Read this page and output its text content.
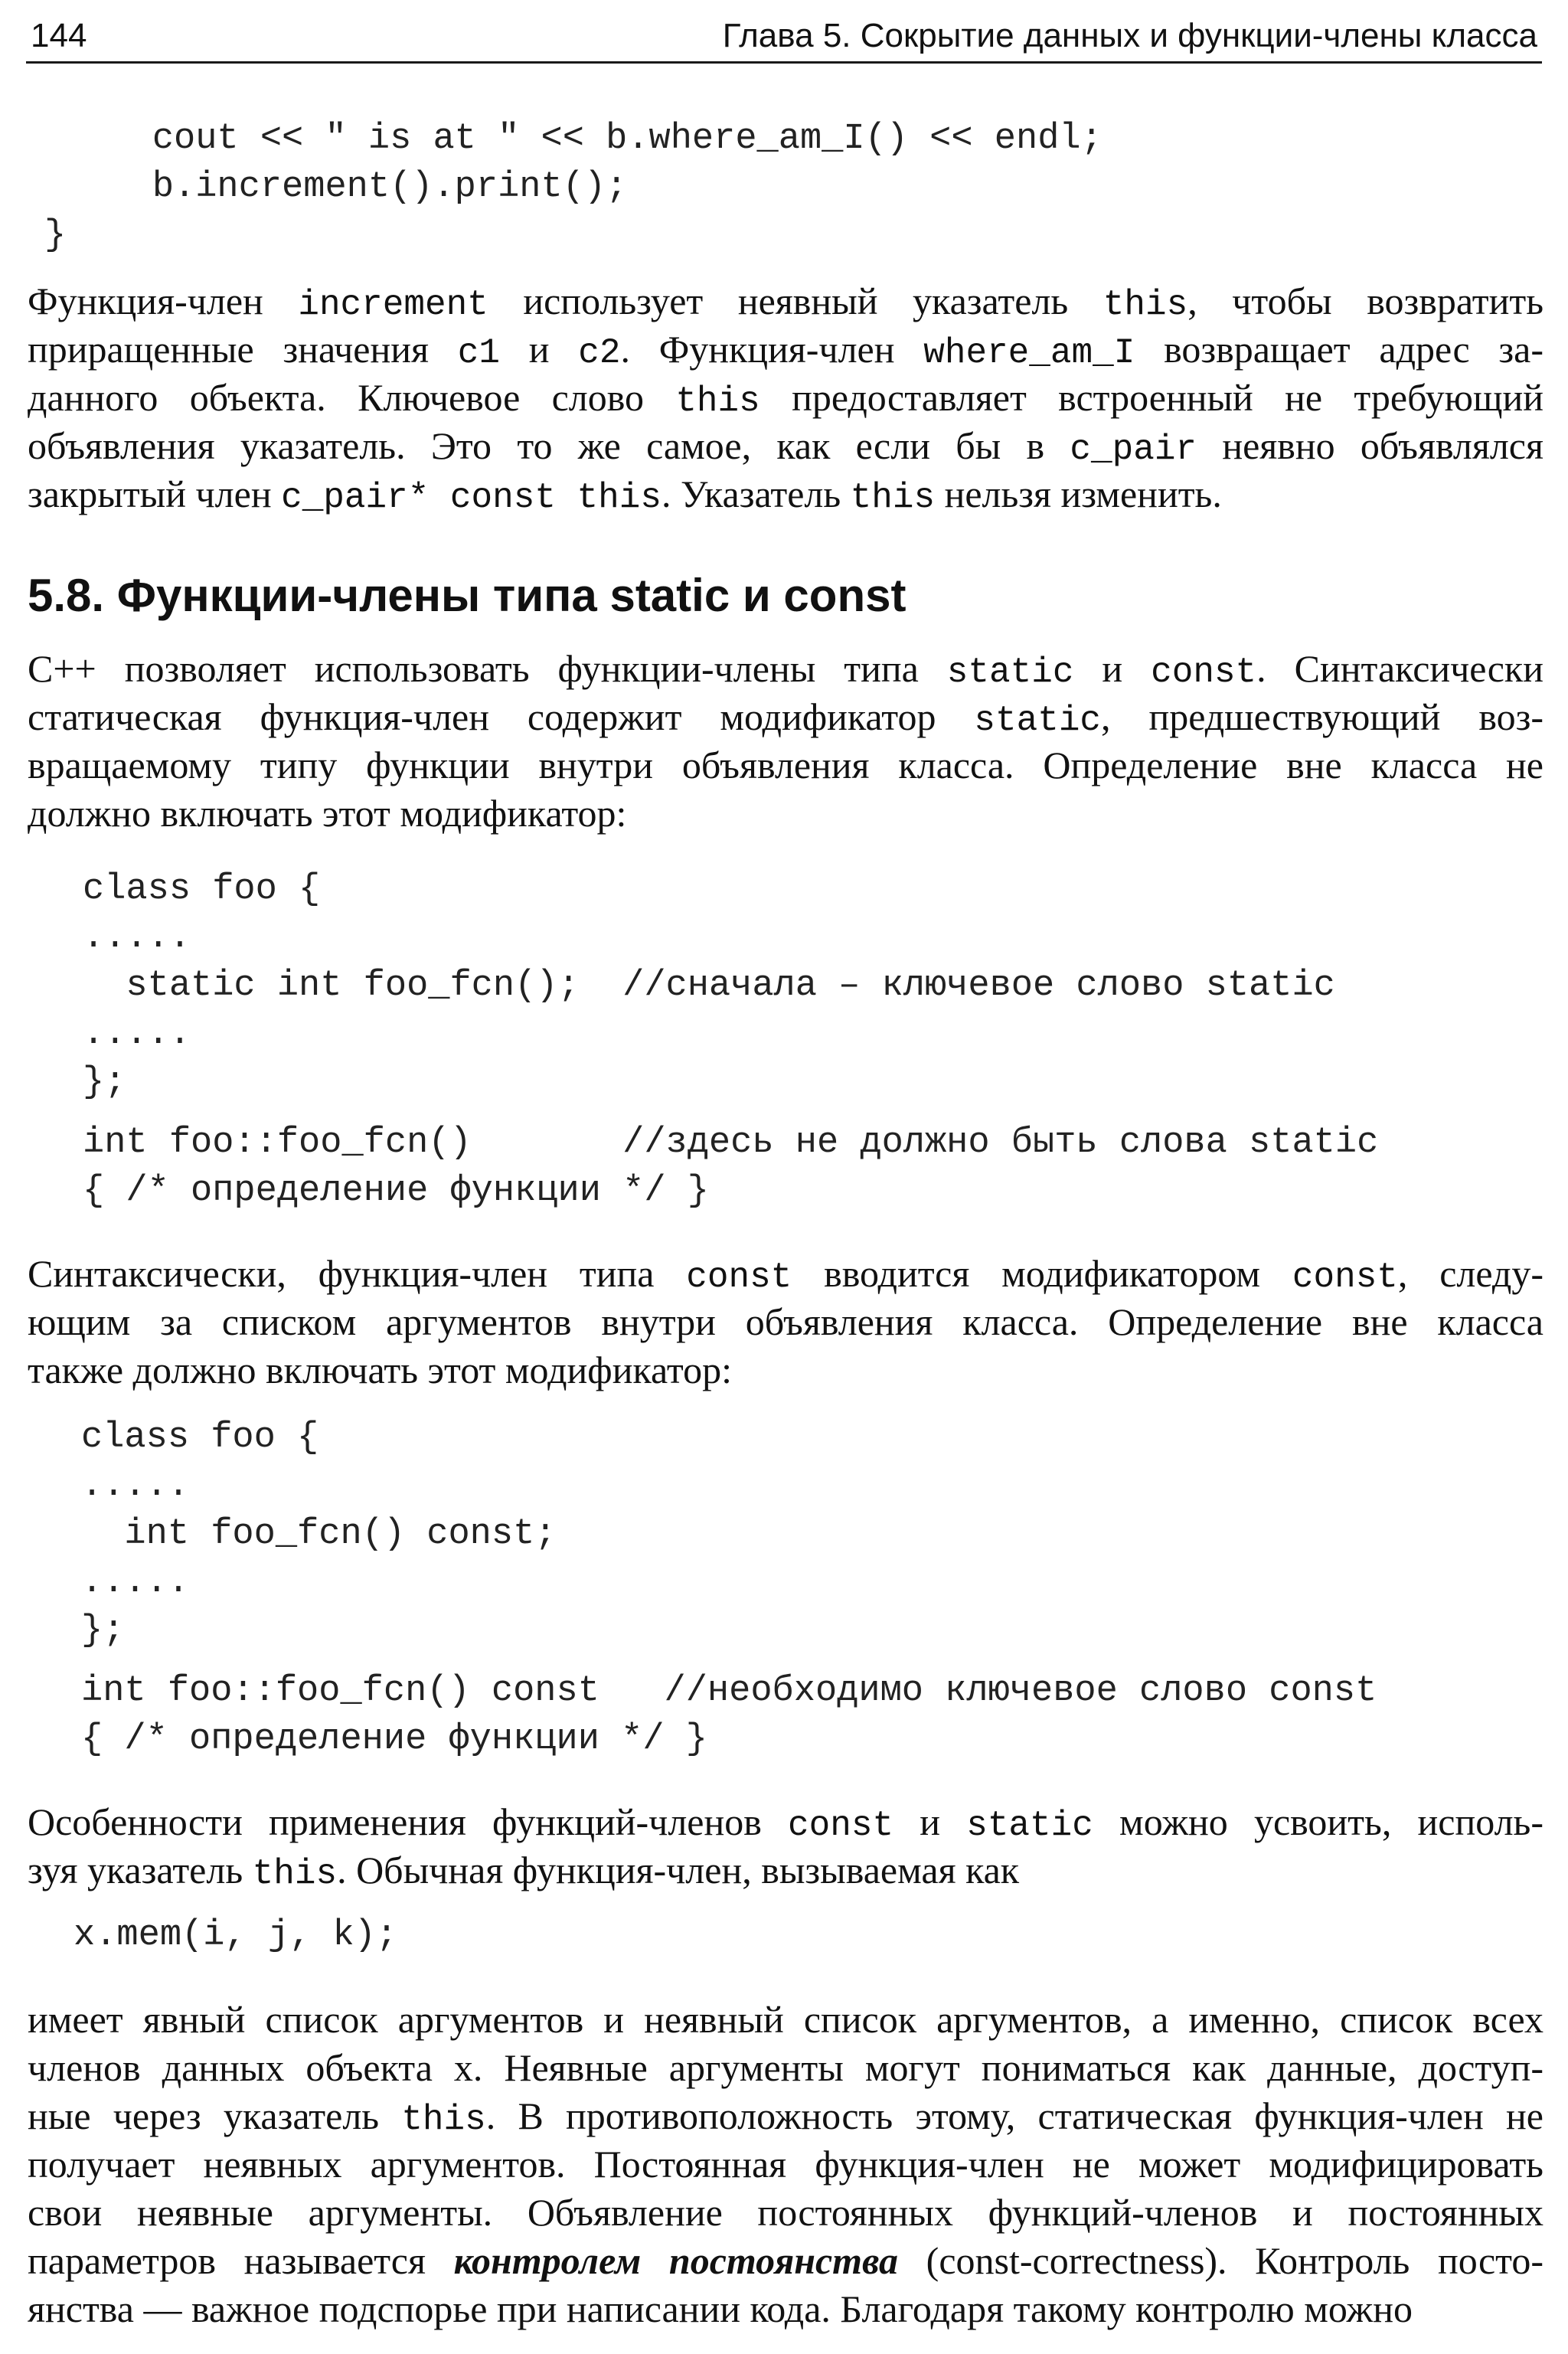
144	Глава 5. Сокрытие данных и функции-члены класса
cout << " is at " << b.where_am_I() << endl;
b.increment().print();
}
Функция-член increment использует неявный указатель this, чтобы возвратить
приращенные значения c1 и c2. Функция-член where_am_I возвращает адрес за-
данного объекта. Ключевое слово this предоставляет встроенный не требующий
объявления указатель. Это то же самое, как если бы в c_pair неявно объявлялся
закрытый член c_pair* const this. Указатель this нельзя изменить.
5.8. Функции-члены типа static и const
С++ позволяет использовать функции-члены типа static и const. Синтаксически
статическая функция-член содержит модификатор static, предшествующий воз-
вращаемому типу функции внутри объявления класса. Определение вне класса не
должно включать этот модификатор:
class foo {
.....
static int foo_fcn();  //сначала – ключевое слово static
.....
};
int foo::foo_fcn()       //здесь не должно быть слова static
{ /* определение функции */ }
Синтаксически, функция-член типа const вводится модификатором const, следу-
ющим за списком аргументов внутри объявления класса. Определение вне класса
также должно включать этот модификатор:
class foo {
.....
int foo_fcn() const;
.....
};
int foo::foo_fcn() const   //необходимо ключевое слово const
{ /* определение функции */ }
Особенности применения функций-членов const и static можно усвоить, исполь-
зуя указатель this. Обычная функция-член, вызываемая как
x.mem(i, j, k);
имеет явный список аргументов и неявный список аргументов, а именно, список всех
членов данных объекта x. Неявные аргументы могут пониматься как данные, доступ-
ные через указатель this. В противоположность этому, статическая функция-член не
получает неявных аргументов. Постоянная функция-член не может модифицировать
свои неявные аргументы. Объявление постоянных функций-членов и постоянных
параметров называется контролем постоянства (const-correctness). Контроль посто-
янства — важное подспорье при написании кода. Благодаря такому контролю можно
